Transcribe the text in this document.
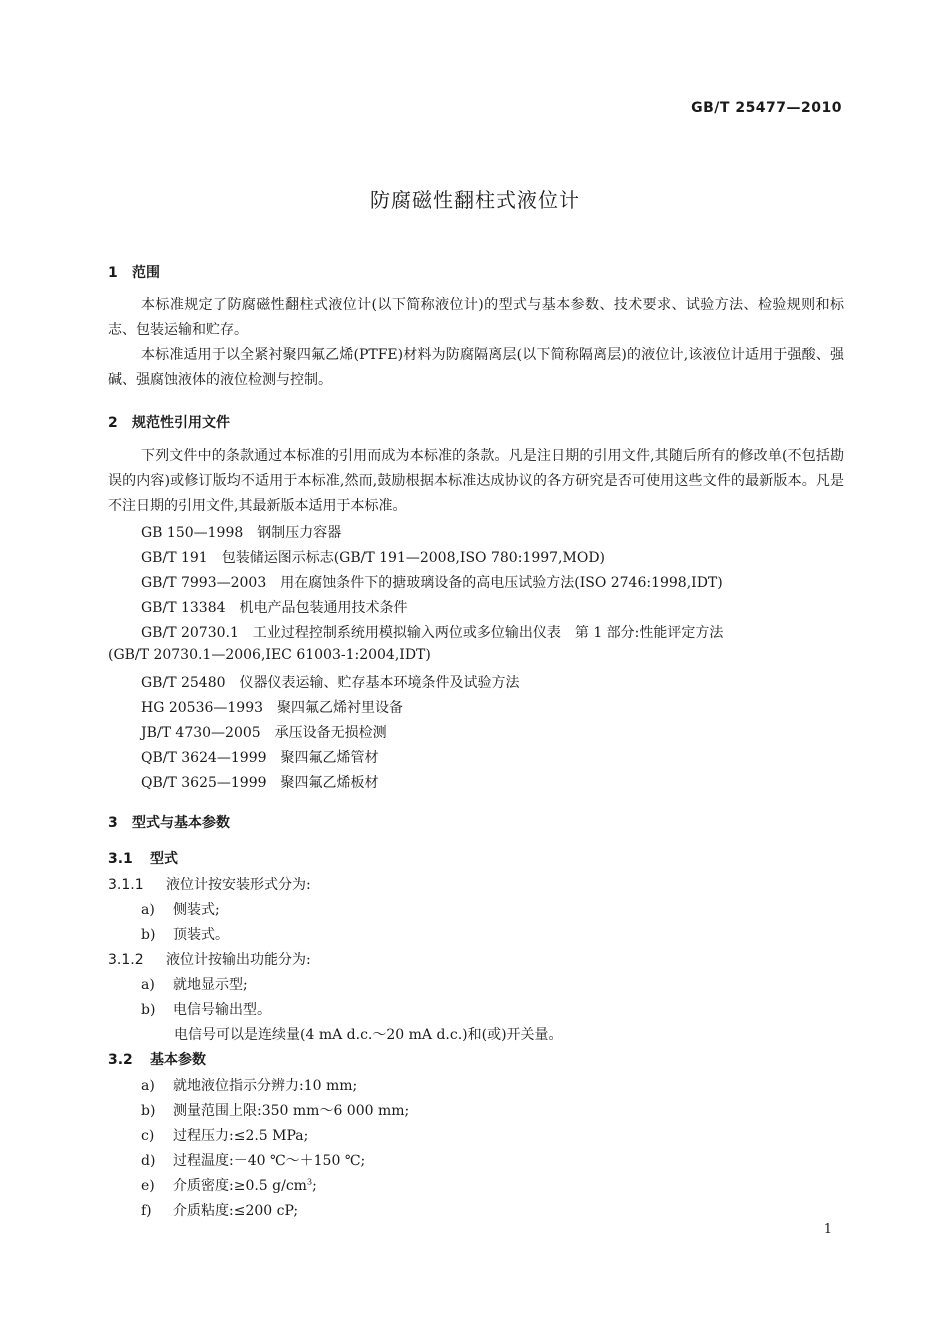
GB/T 25477—2010
防腐磁性翻柱式液位计
1 范围

本标准规定了防腐磁性翻柱式液位计(以下简称液位计)的型式与基本参数、技术要求、试验方法、检验规则和标志、包装运输和贮存。

本标准适用于以全紧衬聚四氟乙烯(PTFE)材料为防腐隔离层(以下简称隔离层)的液位计,该液位计适用于强酸、强碱、强腐蚀液体的液位检测与控制。

2 规范性引用文件

下列文件中的条款通过本标准的引用而成为本标准的条款。凡是注日期的引用文件,其随后所有的修改单(不包括勘误的内容)或修订版均不适用于本标准,然而,鼓励根据本标准达成协议的各方研究是否可使用这些文件的最新版本。凡是不注日期的引用文件,其最新版本适用于本标准。

GB 150—1998　钢制压力容器
GB/T 191　包装储运图示标志(GB/T 191—2008,ISO 780:1997,MOD)
GB/T 7993—2003　用在腐蚀条件下的搪玻璃设备的高电压试验方法(ISO 2746:1998,IDT)
GB/T 13384　机电产品包装通用技术条件
GB/T 20730.1　工业过程控制系统用模拟输入两位或多位输出仪表　第 1 部分:性能评定方法
(GB/T 20730.1—2006,IEC 61003-1:2004,IDT)
GB/T 25480　仪器仪表运输、贮存基本环境条件及试验方法
HG 20536—1993　聚四氟乙烯衬里设备
JB/T 4730—2005　承压设备无损检测
QB/T 3624—1999　聚四氟乙烯管材
QB/T 3625—1999　聚四氟乙烯板材
3 型式与基本参数
3.1 型式
3.1.1 液位计按安装形式分为:
a) 侧装式;
b) 顶装式。
3.1.2 液位计按输出功能分为:
a) 就地显示型;
b) 电信号输出型。
电信号可以是连续量(4 mA d.c.～20 mA d.c.)和(或)开关量。
3.2 基本参数
a) 就地液位指示分辨力:10 mm;
b) 测量范围上限:350 mm～6 000 mm;
c) 过程压力:≤2.5 MPa;
d) 过程温度:－40 ℃～＋150 ℃;
e) 介质密度:≥0.5 $g/cm^3$;
f) 介质粘度:≤200 cP;
1
